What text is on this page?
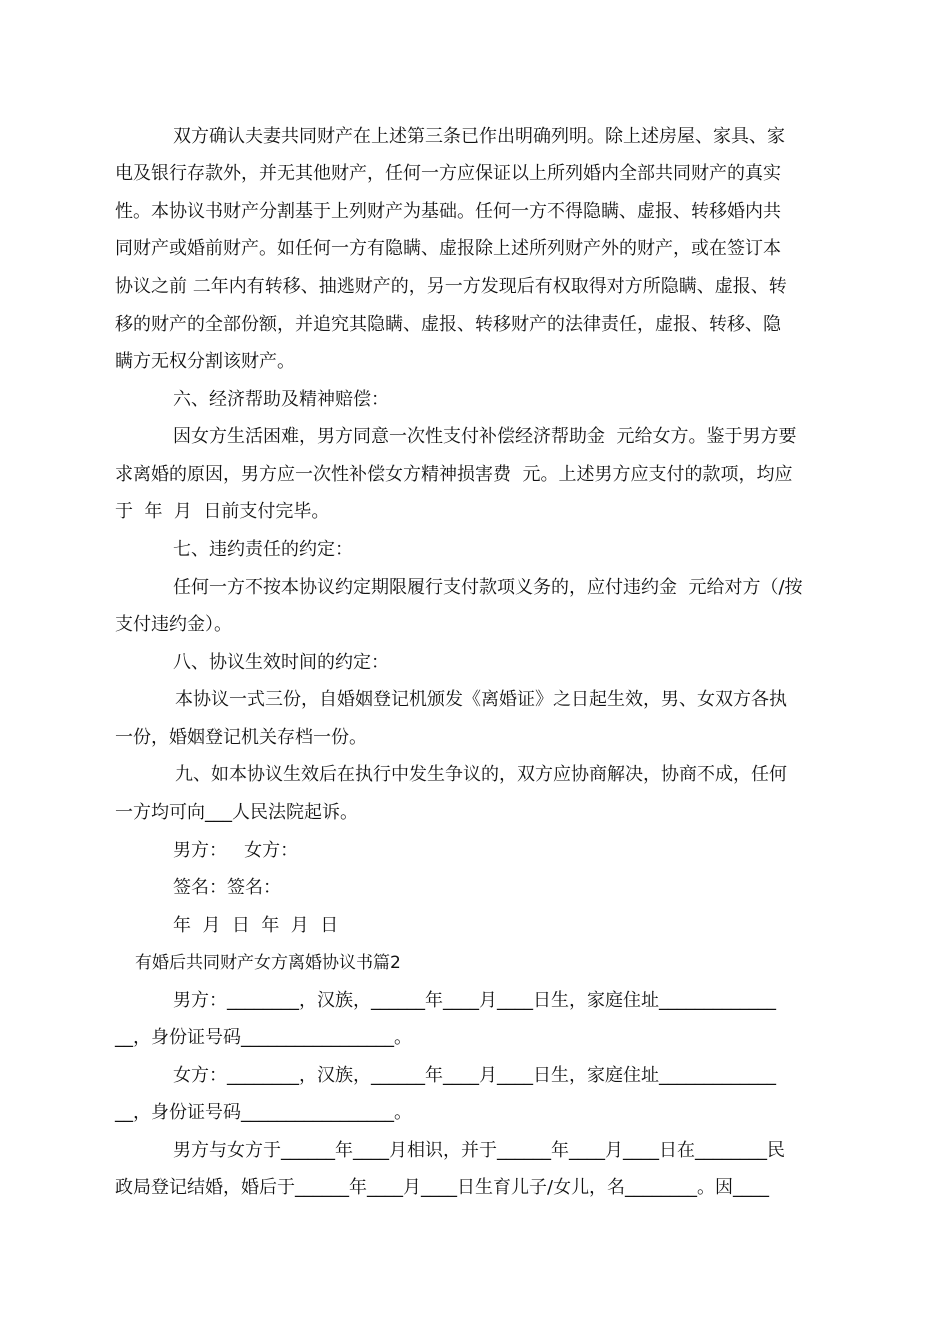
双方确认夫妻共同财产在上述第三条已作出明确列明。除上述房屋、家具、家

电及银行存款外，并无其他财产，任何一方应保证以上所列婚内全部共同财产的真实

性。本协议书财产分割基于上列财产为基础。任何一方不得隐瞒、虚报、转移婚内共

同财产或婚前财产。如任何一方有隐瞒、虚报除上述所列财产外的财产，或在签订本

协议之前 二年内有转移、抽逃财产的，另一方发现后有权取得对方所隐瞒、虚报、转

移的财产的全部份额，并追究其隐瞒、虚报、转移财产的法律责任，虚报、转移、隐

瞒方无权分割该财产。

六、经济帮助及精神赔偿：

因女方生活困难，男方同意一次性支付补偿经济帮助金  元给女方。鉴于男方要

求离婚的原因，男方应一次性补偿女方精神损害费  元。上述男方应支付的款项，均应

于  年  月  日前支付完毕。

七、违约责任的约定：

任何一方不按本协议约定期限履行支付款项义务的，应付违约金  元给对方（/按

支付违约金）。

八、协议生效时间的约定：

本协议一式三份，自婚姻登记机颁发《离婚证》之日起生效，男、女双方各执

一份，婚姻登记机关存档一份。

九、如本协议生效后在执行中发生争议的，双方应协商解决，协商不成，任何

一方均可向___人民法院起诉。

男方：   女方：

签名：签名：

年  月  日  年  月  日

有婚后共同财产女方离婚协议书篇2

男方：________，汉族，______年____月____日生，家庭住址_____________

__，身份证号码_________________。

女方：________，汉族，______年____月____日生，家庭住址_____________

__，身份证号码_________________。

男方与女方于______年____月相识，并于______年____月____日在________民

政局登记结婚，婚后于______年____月____日生育儿子/女儿，名________。因____
